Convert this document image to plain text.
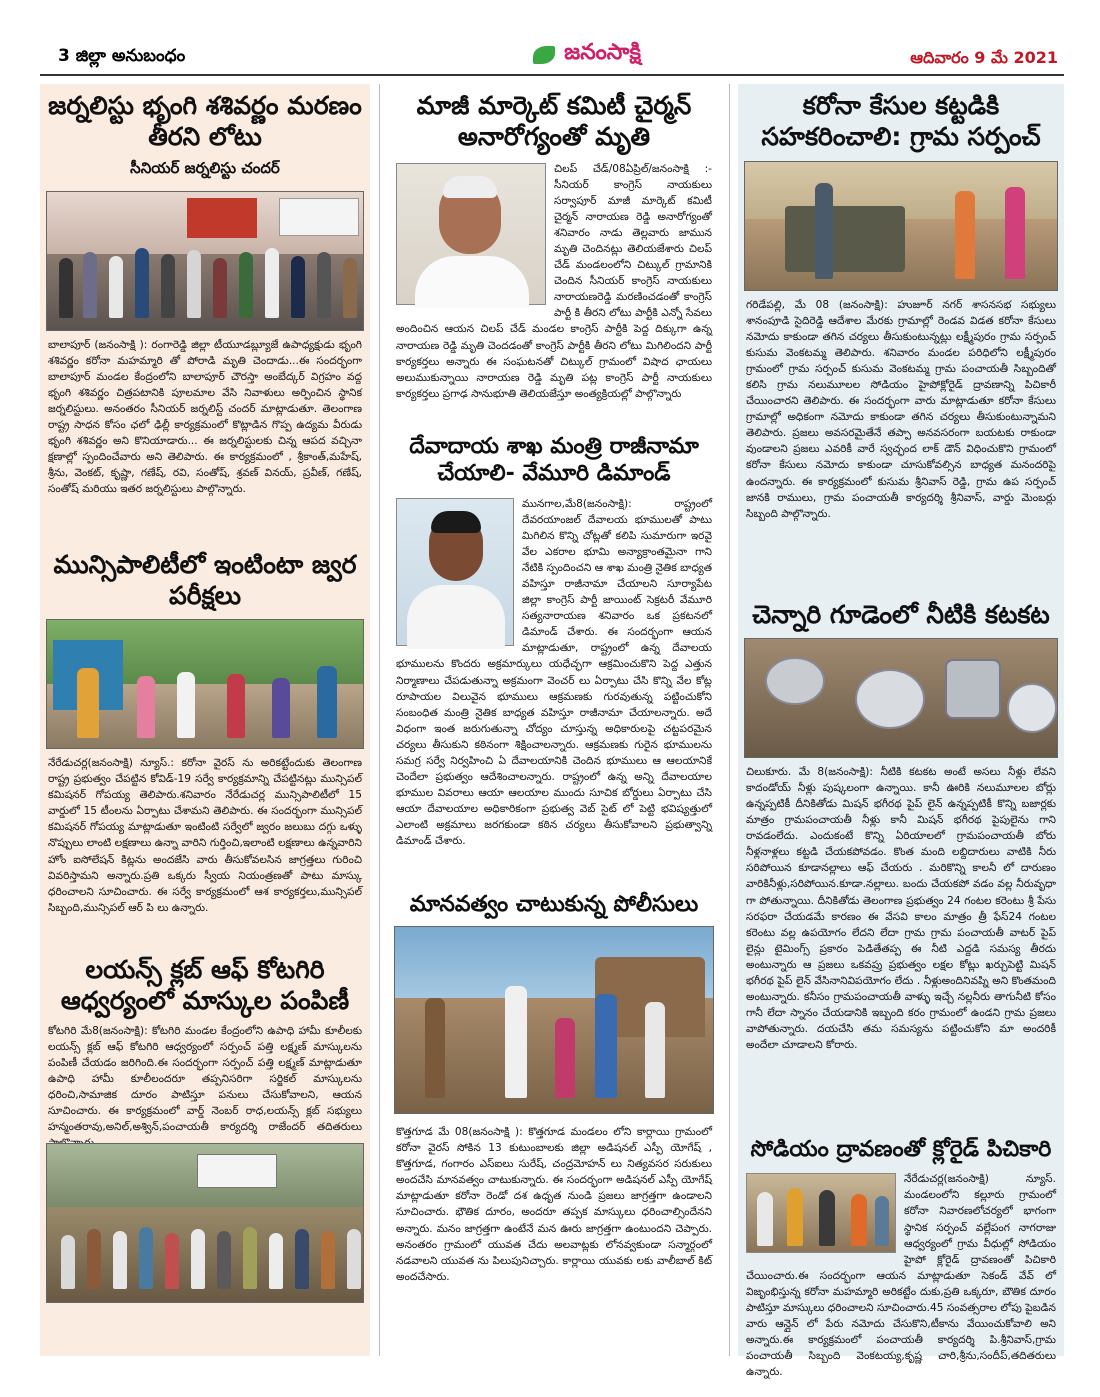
3 జిల్లా అనుబంధం	జనంసాక్షి	ఆదివారం 9 మే 2021
జర్నలిస్టు భృంగి శశివర్ణం మరణం తీరని లోటు
సీనియర్ జర్నలిస్టు చందర్
బాలాపూర్ (జనంసాక్షి ): రంగారెడ్డి జిల్లా టీయూడబ్ల్యూజే ఉపాధ్యక్షుడు భృంగి శశివర్ణం కరోనా మహమ్మారి తో పోరాడి మృతి చెందాడు...ఈ సందర్భంగా బాలాపూర్ మండల కేంద్రంలోని బాలాపూర్ చౌరస్తా అంబేద్కర్ విగ్రహం వద్ద భృంగి శశివర్ణం చిత్రపటానికి పూలమాల వేసి నివాళులు అర్పించిన స్థానిక జర్నలిస్టులు. అనంతరం సీనియర్ జర్నలిస్ట్ చందర్ మాట్లాడుతూ. తెలంగాణ రాష్ట్ర సాధన కోసం ఛలో ఢిల్లీ కార్యక్రమంలో కొట్లాడిన గొప్ప ఉద్యమ వీరుడు భృంగి శశివర్ణం అని కొనియాడారు... ఈ జర్నలిస్టులకు చిన్న ఆపద వచ్చినా క్షణాల్లో స్పందించేవారు అని తెలిపారు. ఈ కార్యక్రమంలో , శ్రీకాంత్,మహేష్, శ్రీను, వెంకట్, కృష్ణా, గణేష్, రవి, సంతోష్, శ్రవణ్ వినయ్, ప్రవీణ్, గణేష్, సంతోష్ మరియు ఇతర జర్నలిస్టులు పాల్గొన్నారు.
మున్సిపాలిటీలో ఇంటింటా జ్వర పరీక్షలు
నేరేడుచర్ల(జనంసాక్షి) న్యూస్.: కరోనా వైరస్ ను అరికట్టేందుకు తెలంగాణ రాష్ట్ర ప్రభుత్వం చేపట్టిన కోవిడ్-19 సర్వే కార్యక్రమాన్ని చేపట్టినట్లు మున్సిపల్ కమిషనర్ గోపయ్య తెలిపారు.శనివారం నేరేడుచర్ల మున్సిపాలిటీలో 15 వార్డులో 15 టీంలను ఏర్పాటు చేశామని తెలిపారు. ఈ సందర్భంగా మున్సిపల్ కమిషనర్ గోపయ్య మాట్లాడుతూ ఇంటింటి సర్వేలో జ్వరం జలుబు దగ్గు ఒళ్ళు నొప్పులు లాంటి లక్షణాలు ఉన్నా వారిని గుర్తించి,ఇలాంటి లక్షణాలు ఉన్నవారిని హోం ఐసోలేషన్ కిట్లను అందజేసి వారు తీసుకోవలసిన జాగ్రత్తలు గురించి వివరిస్తామని అన్నారు.ప్రతి ఒక్కరు స్వీయ నియంత్రణతో పాటు మాస్కు ధరించాలని సూచించారు. ఈ సర్వే కార్యక్రమంలో ఆశ కార్యకర్తలు,మున్సిపల్ సిబ్బంది,మున్సిపల్ ఆర్ పి లు ఉన్నారు.
లయన్స్ క్లబ్ ఆఫ్ కోటగిరి ఆధ్వర్యంలో మాస్కుల పంపిణీ
కోటగిరి మే8(జనంసాక్షి): కోటగిరి మండల కేంద్రంలోని ఉపాధి హామీ కూలీలకు లయన్స్ క్లబ్ ఆఫ్ కోటగిరి ఆధ్వర్యంలో సర్పంచ్ పత్తి లక్ష్మణ్ మాస్కులను పంపిణీ చేయడం జరిగింది.ఈ సందర్భంగా సర్పంచ్ పత్తి లక్ష్మణ్ మాట్లాడుతూ ఉపాధి హామీ కూలీలందరూ తప్పనిసరిగా సర్జికల్ మాస్కులను ధరించి,సామాజిక దూరం పాటిస్తూ పనులు చేసుకోవాలని, ఆయన సూచించారు. ఈ కార్యక్రమంలో వార్డ్ నెంబర్ రాధ,లయన్స్ క్లబ్ సభ్యులు హన్మంతరావు,అనిల్,అశ్విన్,పంచాయతీ కార్యదర్శి రాజేందర్ తదితరులు
మాజీ మార్కెట్ కమిటీ చైర్మన్ అనారోగ్యంతో మృతి
చిలప్ చేడ్/08ఏప్రిల్/జనంసాక్షి :- సీనియర్ కాంగ్రెస్ నాయకులు సర్వాపూర్ మాజీ మార్కెట్ కమిటీ చైర్మన్ నారాయణ రెడ్డి అనారోగ్యంతో శనివారం నాడు తెల్లవారు జామున మృతి చెందినట్లు తెలియజేశారు చిలప్ చేడ్ మండలంలోని చిట్కుల్ గ్రామానికి చెందిన సీనియర్ కాంగ్రెస్ నాయకులు నారాయణరెడ్డి మరణించడంతో కాంగ్రెస్ పార్టీ కి తీరని లోటు పార్టీకి ఎన్నో సేవలు అందించిన ఆయన చిలప్ చేడ్ మండల కాంగ్రెస్ పార్టీకి పెద్ద దిక్కుగా ఉన్న నారాయణ రెడ్డి మృతి చెందడంతో కాంగ్రెస్ పార్టీకి తీరని లోటు మిగిలిందని పార్టీ కార్యకర్తలు అన్నారు ఈ సంఘటనతో చిట్కుల్ గ్రామంలో విషాద ఛాయలు అలుముకున్నాయి నారాయణ రెడ్డి మృతి పట్ల కాంగ్రెస్ పార్టీ నాయకులు కార్యకర్తలు ప్రగాఢ సానుభూతి తెలియజేస్తూ అంత్యక్రియల్లో పాల్గొన్నారు
దేవాదాయ శాఖ మంత్రి రాజీనామా చేయాలి- వేమూరి డిమాండ్
మునగాల,మే8(జనంసాక్షి): రాష్ట్రంలో దేవరయాంజల్ దేవాలయ భూములతో పాటు మిగిలిన కొన్ని చోట్లతో కలిపి సుమారుగా ఇరవై వేల ఎకరాల భూమి అన్యాక్రాంతమైనా గాని నేటికి స్పందించని ఆ శాఖ మంత్రి నైతిక బాధ్యత వహిస్తూ రాజీనామా చేయాలని సూర్యాపేట జిల్లా కాంగ్రెస్ పార్టీ జాయింట్ సెక్రటరీ వేమూరి సత్యనారాయణ శనివారం ఒక ప్రకటనలో డిమాండ్ చేశారు. ఈ సందర్భంగా ఆయన మాట్లాడుతూ, రాష్ట్రంలో ఉన్న దేవాలయ భూములను కొందరు అక్రమార్కులు యధేచ్ఛగా ఆక్రమించుకొని పెద్ద ఎత్తున నిర్మాణాలు చేపడుతున్నా అక్రమంగా వెంచర్ లు ఏర్పాటు చేసి కొన్ని వేల కోట్ల రూపాయల విలువైన భూములు ఆక్రమణకు గురవుతున్న పట్టించుకోని సంబంధిత మంత్రి నైతిక బాధ్యత వహిస్తూ రాజీనామా చేయాలన్నారు. అదే విధంగా ఇంత జరుగుతున్నా చోద్యం చూస్తున్న అధికారులపై చట్టపరమైన చర్యలు తీసుకుని కఠినంగా శిక్షించాలన్నారు. ఆక్రమణకు గురైన భూములను సమగ్ర సర్వే నిర్వహించి ఏ దేవాలయానికి చెందిన భూములు ఆ ఆలయానికే చెందేలా ప్రభుత్వం ఆదేశించాలన్నారు. రాష్ట్రంలో ఉన్న అన్ని దేవాలయాల భూముల వివరాలు ఆయా ఆలయాల ముందు సూచిక బోర్డులు ఏర్పాటు చేసి ఆయా దేవాలయాల అధికారికంగా ప్రభుత్వ వెబ్ సైట్ లో పెట్టి భవిష్యత్తులో ఎలాంటి అక్రమాలు జరగకుండా కఠిన చర్యలు తీసుకోవాలని ప్రభుత్వాన్ని డిమాండ్ చేశారు.
మానవత్వం చాటుకున్న పోలీసులు
కొత్తగూడ మే 08(జనంసాక్షి ): కొత్తగూడ మండలం లోని కార్లాయి గ్రామంలో కరోనా వైరస్ సోకిన 13 కుటుంబాలకు జిల్లా అడిషనల్ ఎస్పీ యోగేష్ , కొత్తగూడ, గంగారం ఎస్ఐలు సురేష్, చంద్రమోహన్ లు నిత్యవసర సరుకులు అందచేసి మానవత్వం చాటుకున్నారు. ఈ సందర్భంగా అడిషనల్ ఎస్పీ యోగేష్ మాట్లాడుతూ కరోనా రెండో దశ ఉధృత నుండి ప్రజలు జాగ్రత్తగా ఉండాలని సూచించారు. భౌతిక దూరం, అందరూ తప్పక మాస్కులు ధరించాల్సిందేనని అన్నారు. మనం జాగ్రత్తగా ఉంటేనే మన ఊరు జాగ్రత్తగా ఉంటుందని చెప్పారు. అనంతరం గ్రామంలో యువత చేదు అలవాట్లకు లోనవ్వకుండా సన్మార్గంలో నడవాలని యువత ను పిలుపునిచ్చారు. కార్లాయి యువకు లకు వాలీబాల్ కిట్ అందచేసారు.
కరోనా కేసుల కట్టడికి సహకరించాలి: గ్రామ సర్పంచ్
గరిడేపల్లి, మే 08 (జనంసాక్షి): హుజూర్ నగర్ శాసనసభ సభ్యులు శానంపూడి సైదిరెడ్డి ఆదేశాల మేరకు గ్రామాల్లో రెండవ విడత కరోనా కేసులు నమోదు కాకుండా తగిన చర్యలు తీసుకుంటున్నట్లు లక్ష్మీపురం గ్రామ సర్పంచ్ కుసుమ వెంకటమ్మ తెలిపారు. శనివారం మండల పరిధిలోని లక్ష్మీపురం గ్రామంలో గ్రామ సర్పంచ్ కుసుమ వెంకటమ్మ గ్రామ పంచాయతీ సిబ్బందితో కలిసి గ్రామ నలుమూలల సోడియం హైపోక్లోరైడ్ ద్రావణాన్ని పిచికారీ చేయించారని తెలిపారు. ఈ సందర్భంగా వారు మాట్లాడుతూ కరోనా కేసులు గ్రామాల్లో అధికంగా నమోదు కాకుండా తగిన చర్యలు తీసుకుంటున్నామని తెలిపారు. ప్రజలు అవసరమైతేనే తప్పా అనవసరంగా బయటకు రాకుండా వుండాలని ప్రజలు ఎవరికీ వారే స్వచ్ఛంద లాక్ డౌన్ విధించుకొని గ్రామంలో కరోనా కేసులు నమోదు కాకుండా చూసుకోవల్సిన బాధ్యత మనందరిపై ఉందన్నారు. ఈ కార్యక్రమంలో కుసుమ శ్రీనివాస్ రెడ్డి, గ్రామ ఉప సర్పంచ్ జానకి రాములు, గ్రామ పంచాయతీ కార్యదర్శి శ్రీనివాస్, వార్డు మెంబర్లు సిబ్బంది పాల్గొన్నారు.
చెన్నారి గూడెంలో నీటికి కటకట
చిలుకూరు. మే 8(జనంసాక్షి): నీటికి కటకట అంటే అసలు నీళ్లు లేవని కాదండోయ్ నీళ్లు పుష్కలంగా ఉన్నాయి. కానీ ఊరికి నలుమూలల బోర్లు ఉన్నప్పటికీ దీనికితోడు మిషన్ భగీరథ పైప్ లైన్ ఉన్నప్పటికీ కొన్ని బజార్లకు మాత్రం గ్రామపంచాయతీ నీళ్లు కానీ మిషన్ భగీరథ పైపులైను గాని రావడంలేదు. ఎందుకంటే కొన్ని ఏరియాలలో గ్రామపంచాయతీ బోరు నీళ్లనాళ్లలు కట్టడి చేయకపోవడం. కొంత మంది లబ్దిదారులు వాటికి నీరు సరిపోయిన కూడానల్లాలు ఆఫ్ చేయరు . మరికొన్ని కాలనీ లో దారుణం వారికినీళ్లు,సరిపోయిన.కూడా.నల్లాలు. బందు చేయకపో వడం వల్ల నీరువృధా గా పోతున్నాయి. దీనికితోడు తెలంగాణ ప్రభుత్వం 24 గంటల కరెంటు శ్రీ పేసు సరఫరా చేయడమే కారణం ఈ వేసవి కాలం మాత్రం త్రీ ఫేస్24 గంటల కరెంటు వల్ల ఉపయోగం లేదని లేదా గ్రామ గ్రామ పంచాయతీ వాటర్ పైప్ లైన్లు టైమింగ్స్ ప్రకారం పెడితేతప్ప ఈ నీటి ఎద్దడి సమస్య తీరదు అంటున్నారు ఆ ప్రజలు ఒకవప్రు ప్రభుత్వం లక్షల కోట్లు ఖర్చుపెట్టి మిషన్ భగీరథ పైప్ లైన్ వేసినానివిపయోగం లేదు . నీళ్లుఅందినివప్ని అని కొంతమంది అంటున్నారు. కనీసం గ్రామపంచాయతీ వాళ్ళు ఇచ్చే నల్లనీరు తాగునీటి కోసం గానీ లేదా స్నానం చేయడానికి ఇబ్బంది కరం గ్రామంలో ఉండని గ్రామ ప్రజలు వాపోతున్నారు. దయచేసి తమ సమస్యను పట్టించుకోని మా అందరికీ అందేలా చూడాలని కోరారు.
సోడియం ద్రావణంతో క్లోరైడ్ పిచికారి
నేరేడుచర్ల(జనంసాక్షి) న్యూస్. మండలంలోని కల్లూరు గ్రామంలో కరోనా నివారణలోచర్యలో భాగంగా స్థానిక సర్పంచ్ వల్లేపంగ నాగరాజు ఆధ్వర్యంలో గ్రామ వీధుల్లో సోడియం హైపో క్లోరైడ్ ద్రావణంతో పిచికారి చేయించారు.ఈ సందర్భంగా ఆయన మాట్లాడుతూ సెకండ్ వేవ్ లో విజృంభిస్తున్న కరోనా మహమ్మారి అరికట్టేం దుకు,ప్రతి ఒక్కరూ, బౌతిక దూరం పాటిస్తూ మాస్కులు ధరించాలని సూచించారు.45 సంవత్సరాల లోపు పైబడిన వారు ఆన్లైన్ లో పేరు నమోదు చేసుకొని,టీకాను వేయించుకోవాలి అని అన్నారు.ఈ కార్యక్రమంలో పంచాయతీ కార్యదర్శి పి.శ్రీనివాస్,గ్రామ పంచాయతీ సిబ్బంది వెంకటయ్య,కృష్ణ చారి,శ్రీను,సందీప్,తదితరులు ఉన్నారు.
